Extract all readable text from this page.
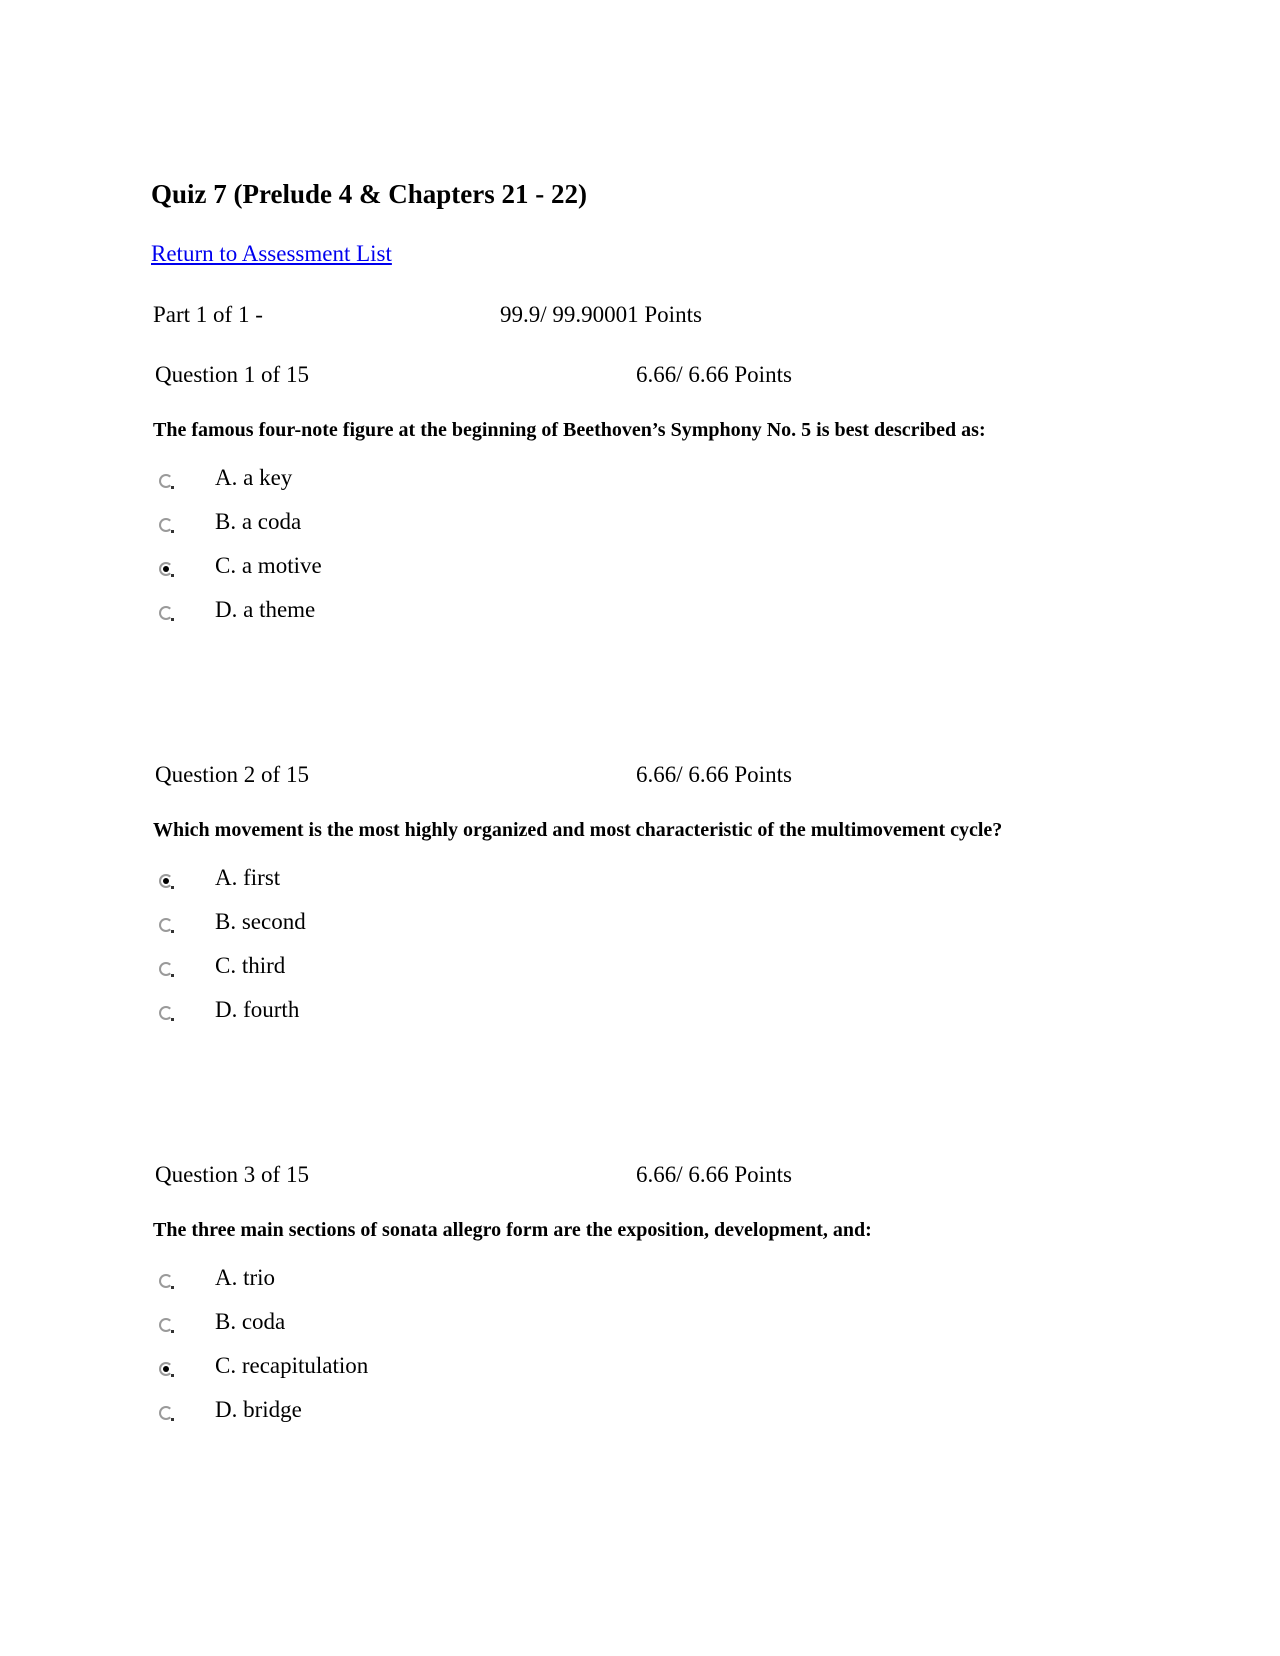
Quiz 7 (Prelude 4 & Chapters 21 - 22)
Return to Assessment List
Part 1 of 1 -	99.9/ 99.90001 Points
Question 1 of 15	6.66/ 6.66 Points

The famous four-note figure at the beginning of Beethoven’s Symphony No. 5 is best described as:

A. a key
B. a coda
C. a motive
D. a theme
Question 2 of 15	6.66/ 6.66 Points

Which movement is the most highly organized and most characteristic of the multimovement cycle?

A. first
B. second
C. third
D. fourth
Question 3 of 15	6.66/ 6.66 Points

The three main sections of sonata allegro form are the exposition, development, and:

A. trio
B. coda
C. recapitulation
D. bridge
